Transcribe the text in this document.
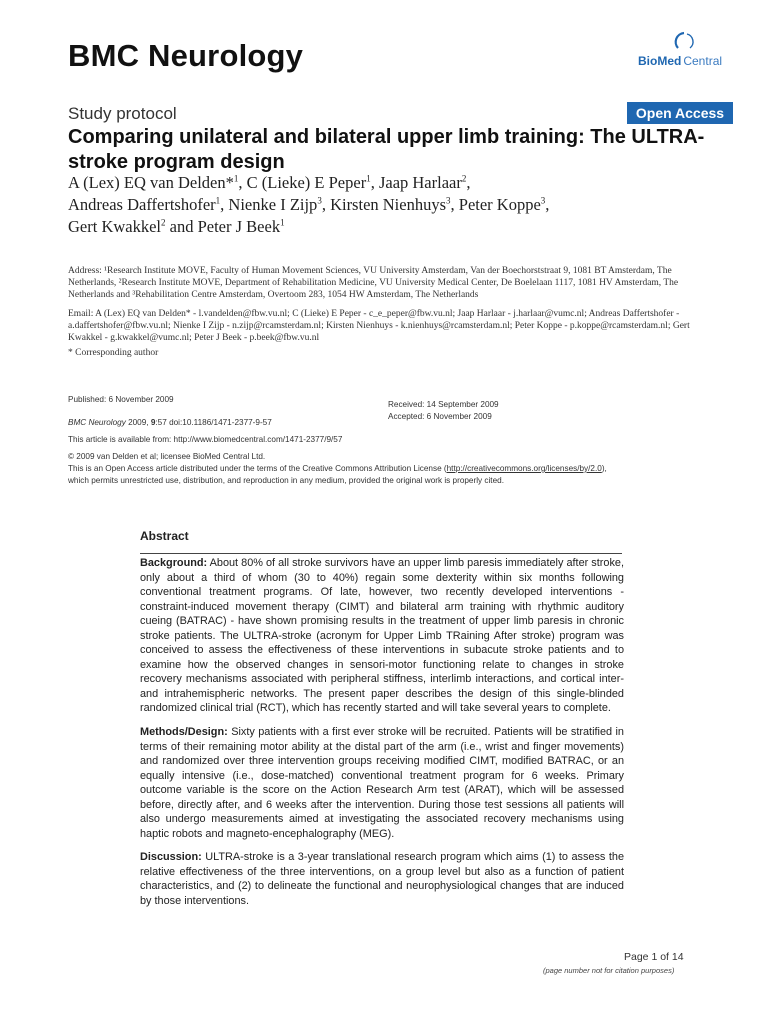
BMC Neurology	BioMed Central
Study protocol	Open Access
Comparing unilateral and bilateral upper limb training: The ULTRA-stroke program design
A (Lex) EQ van Delden*$^1$, C (Lieke) E Peper$^1$, Jaap Harlaar$^2$,
Andreas Daffertshofer$^1$, Nienke I Zijp$^3$, Kirsten Nienhuys$^3$, Peter Koppe$^3$,
Gert Kwakkel$^2$ and Peter J Beek$^1$
Address: ¹Research Institute MOVE, Faculty of Human Movement Sciences, VU University Amsterdam, Van der Boechorststraat 9, 1081 BT Amsterdam, The Netherlands, ²Research Institute MOVE, Department of Rehabilitation Medicine, VU University Medical Center, De Boelelaan 1117, 1081 HV Amsterdam, The Netherlands and ³Rehabilitation Centre Amsterdam, Overtoom 283, 1054 HW Amsterdam, The Netherlands
Email: A (Lex) EQ van Delden* - l.vandelden@fbw.vu.nl; C (Lieke) E Peper - c_e_peper@fbw.vu.nl; Jaap Harlaar - j.harlaar@vumc.nl; Andreas Daffertshofer - a.daffertshofer@fbw.vu.nl; Nienke I Zijp - n.zijp@rcamsterdam.nl; Kirsten Nienhuys - k.nienhuys@rcamsterdam.nl; Peter Koppe - p.koppe@rcamsterdam.nl; Gert Kwakkel - g.kwakkel@vumc.nl; Peter J Beek - p.beek@fbw.vu.nl
* Corresponding author
Published: 6 November 2009
Received: 14 September 2009
Accepted: 6 November 2009
BMC Neurology 2009, 9:57 doi:10.1186/1471-2377-9-57
This article is available from: http://www.biomedcentral.com/1471-2377/9/57
© 2009 van Delden et al; licensee BioMed Central Ltd.
This is an Open Access article distributed under the terms of the Creative Commons Attribution License (http://creativecommons.org/licenses/by/2.0),
which permits unrestricted use, distribution, and reproduction in any medium, provided the original work is properly cited.
Abstract
Background: About 80% of all stroke survivors have an upper limb paresis immediately after stroke, only about a third of whom (30 to 40%) regain some dexterity within six months following conventional treatment programs. Of late, however, two recently developed interventions - constraint-induced movement therapy (CIMT) and bilateral arm training with rhythmic auditory cueing (BATRAC) - have shown promising results in the treatment of upper limb paresis in chronic stroke patients. The ULTRA-stroke (acronym for Upper Limb TRaining After stroke) program was conceived to assess the effectiveness of these interventions in subacute stroke patients and to examine how the observed changes in sensori-motor functioning relate to changes in stroke recovery mechanisms associated with peripheral stiffness, interlimb interactions, and cortical inter- and intrahemispheric networks. The present paper describes the design of this single-blinded randomized clinical trial (RCT), which has recently started and will take several years to complete.
Methods/Design: Sixty patients with a first ever stroke will be recruited. Patients will be stratified in terms of their remaining motor ability at the distal part of the arm (i.e., wrist and finger movements) and randomized over three intervention groups receiving modified CIMT, modified BATRAC, or an equally intensive (i.e., dose-matched) conventional treatment program for 6 weeks. Primary outcome variable is the score on the Action Research Arm test (ARAT), which will be assessed before, directly after, and 6 weeks after the intervention. During those test sessions all patients will also undergo measurements aimed at investigating the associated recovery mechanisms using haptic robots and magneto-encephalography (MEG).
Discussion: ULTRA-stroke is a 3-year translational research program which aims (1) to assess the relative effectiveness of the three interventions, on a group level but also as a function of patient characteristics, and (2) to delineate the functional and neurophysiological changes that are induced by those interventions.
Page 1 of 14
(page number not for citation purposes)
